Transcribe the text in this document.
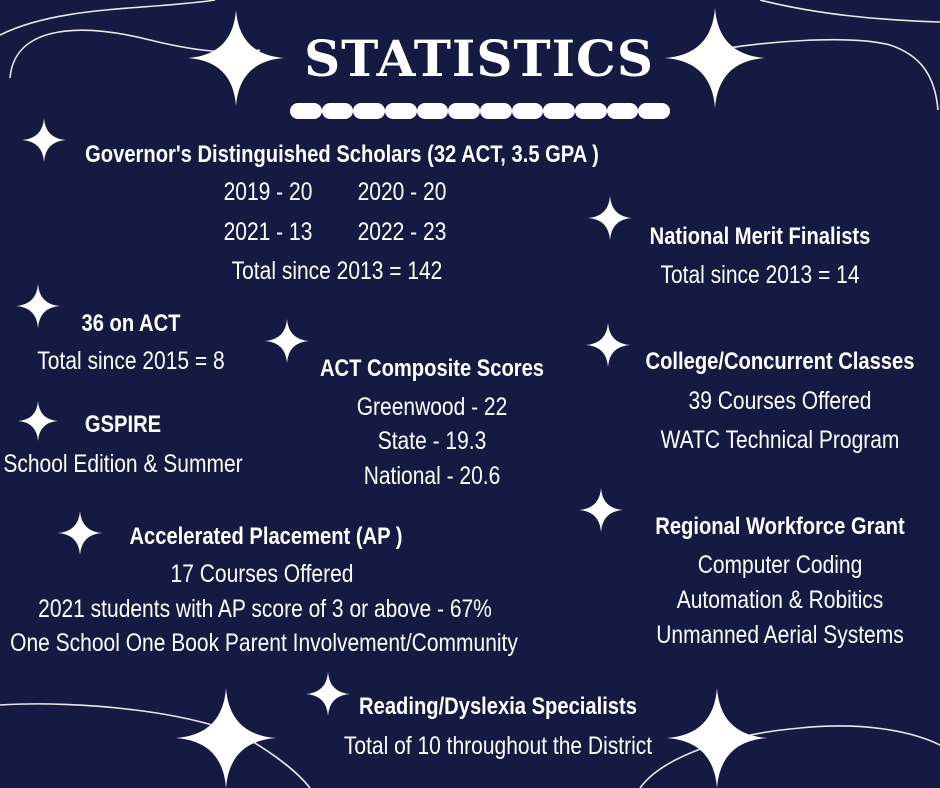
STATISTICS
Governor's Distinguished Scholars (32 ACT, 3.5 GPA )
2019 - 20 2020 - 20
2021 - 13 2022 - 23
Total since 2013 = 142
National Merit Finalists
Total since 2013 = 14
36 on ACT
Total since 2015 = 8	ACT Composite Scores
Greenwood - 22
State - 19.3
National - 20.6
College/Concurrent Classes
39 Courses Offered
WATC Technical Program
GSPIRE
School Edition & Summer
Accelerated Placement (AP )
17 Courses Offered
2021 students with AP score of 3 or above - 67%
One School One Book Parent Involvement/Community
Regional Workforce Grant
Computer Coding
Automation & Robitics
Unmanned Aerial Systems
Reading/Dyslexia Specialists
Total of 10 throughout the District
